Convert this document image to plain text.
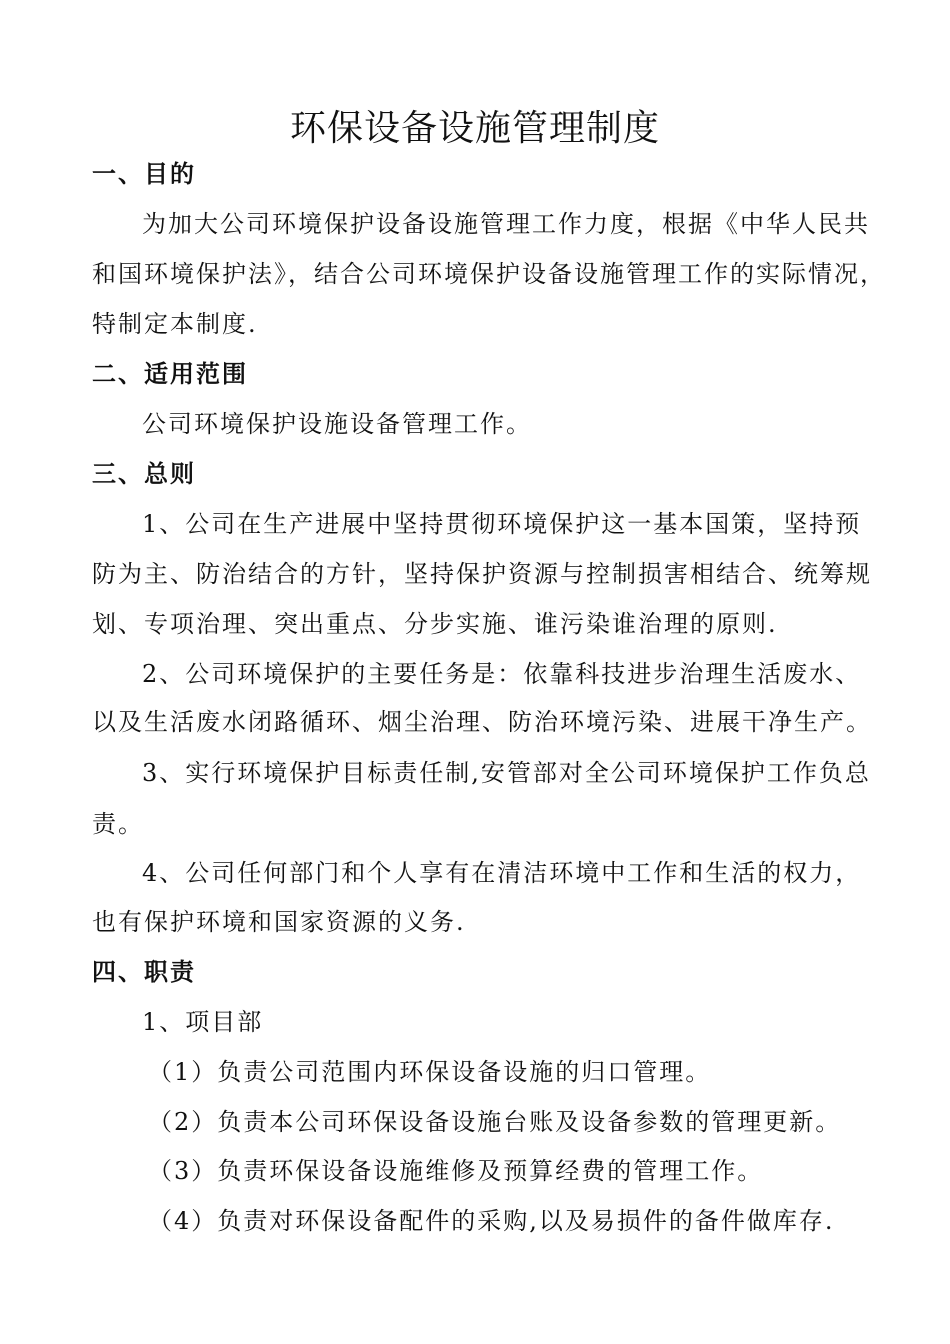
环保设备设施管理制度
一、目的
为加大公司环境保护设备设施管理工作力度，根据《中华人民共
和国环境保护法》，结合公司环境保护设备设施管理工作的实际情况，
特制定本制度.
二、适用范围
公司环境保护设施设备管理工作。
三、总则
1、公司在生产进展中坚持贯彻环境保护这一基本国策，坚持预
防为主、防治结合的方针，坚持保护资源与控制损害相结合、统筹规
划、专项治理、突出重点、分步实施、谁污染谁治理的原则.
2、公司环境保护的主要任务是：依靠科技进步治理生活废水、
以及生活废水闭路循环、烟尘治理、防治环境污染、进展干净生产。
3、实行环境保护目标责任制,安管部对全公司环境保护工作负总
责。
4、公司任何部门和个人享有在清洁环境中工作和生活的权力，
也有保护环境和国家资源的义务.
四、职责
1、项目部
（1）负责公司范围内环保设备设施的归口管理。
（2）负责本公司环保设备设施台账及设备参数的管理更新。
（3）负责环保设备设施维修及预算经费的管理工作。
（4）负责对环保设备配件的采购,以及易损件的备件做库存.
